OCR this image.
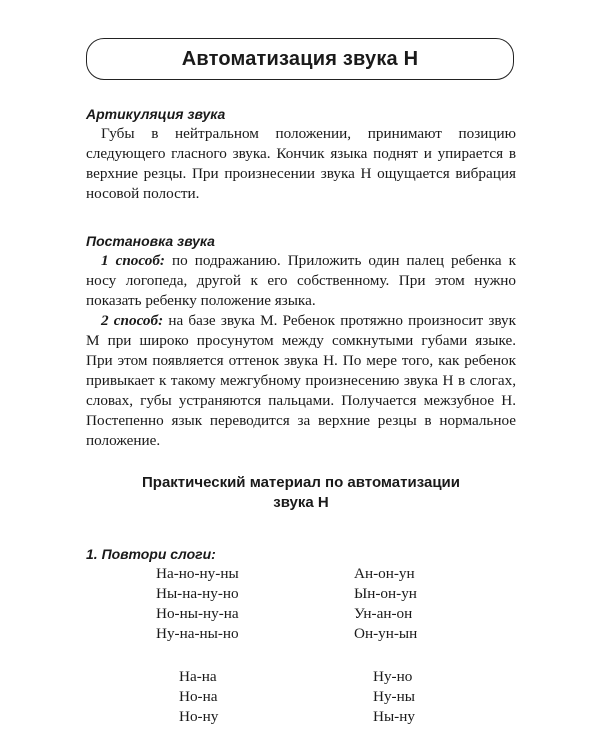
Автоматизация звука Н

Артикуляция звука

Губы в нейтральном положении, принимают позицию следующего гласного звука. Кончик языка поднят и упирается в верхние резцы. При произнесении звука Н ощущается вибрация носовой полости.

Постановка звука

1 способ: по подражанию. Приложить один палец ребенка к носу логопеда, другой к его собственному. При этом нужно показать ребенку положение языка.

2 способ: на базе звука М. Ребенок протяжно произносит звук М при широко просунутом между сомкнутыми губами языке. При этом появляется оттенок звука Н. По мере того, как ребенок привыкает к такому межгубному произнесению звука Н в слогах, словах, губы устраняются пальцами. Получается межзубное Н. Постепенно язык переводится за верхние резцы в нормальное положение.

Практический материал по автоматизации

звука Н

1. Повтори слоги:

На-но-ну-ны
Ны-на-ну-но
Но-ны-ну-на
Ну-на-ны-но
Ан-он-ун
Ын-он-ун
Ун-ан-он
Он-ун-ын
На-на
Но-на
Но-ну
Ну-но
Ну-ны
Ны-ну
